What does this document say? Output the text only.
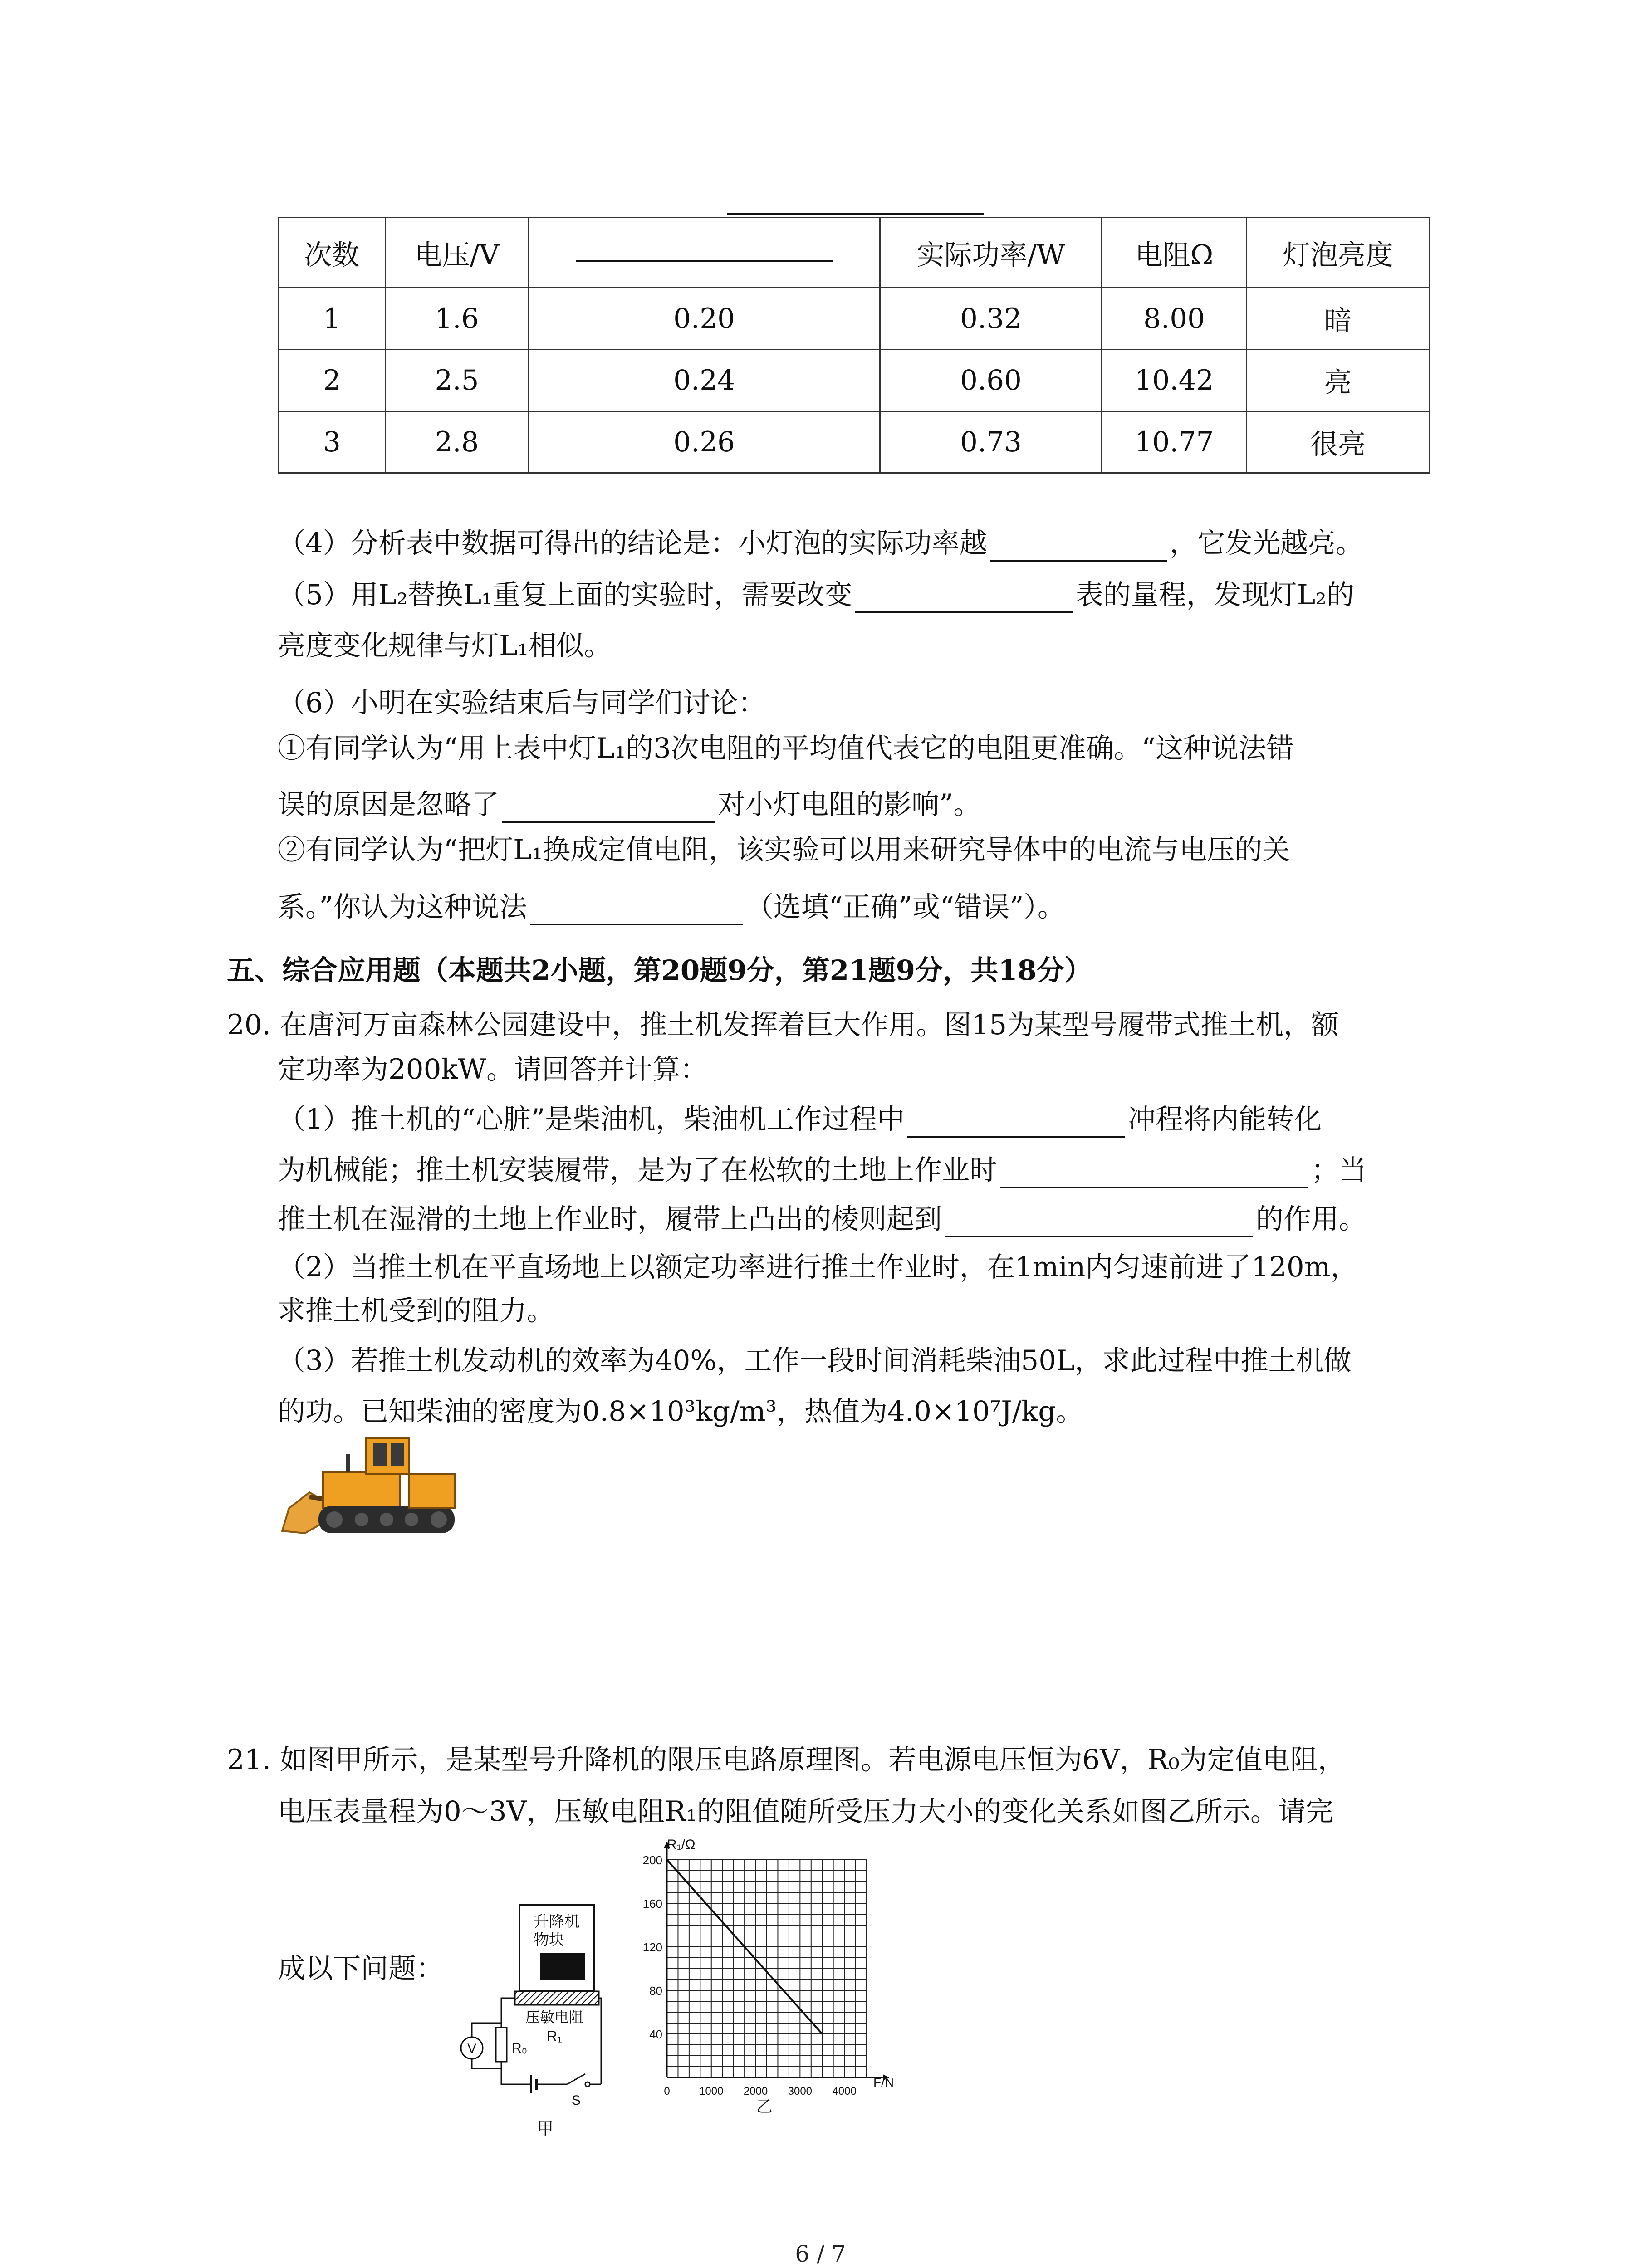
次数	电压/V		实际功率/W	电阻Ω	灯泡亮度
1	1.6	0.20	0.32	8.00	暗
2	2.5	0.24	0.60	10.42	亮
3	2.8	0.26	0.73	10.77	很亮
（4）分析表中数据可得出的结论是：小灯泡的实际功率越	，它发光越亮。
（5）用L₂替换L₁重复上面的实验时，需要改变	表的量程，发现灯L₂的
亮度变化规律与灯L₁相似。
（6）小明在实验结束后与同学们讨论：
①有同学认为“用上表中灯L₁的3次电阻的平均值代表它的电阻更准确。“这种说法错
误的原因是忽略了	对小灯电阻的影响”。
②有同学认为“把灯L₁换成定值电阻，该实验可以用来研究导体中的电流与电压的关
系。”你认为这种说法	（选填“正确”或“错误”）。
五、综合应用题（本题共2小题，第20题9分，第21题9分，共18分）
20. 在唐河万亩森林公园建设中，推土机发挥着巨大作用。图15为某型号履带式推土机，额
定功率为200kW。请回答并计算：
（1）推土机的“心脏”是柴油机，柴油机工作过程中	冲程将内能转化
为机械能；推土机安装履带，是为了在松软的土地上作业时	；当
推土机在湿滑的土地上作业时，履带上凸出的棱则起到	的作用。
（2）当推土机在平直场地上以额定功率进行推土作业时，在1min内匀速前进了120m，
求推土机受到的阻力。
（3）若推土机发动机的效率为40%，工作一段时间消耗柴油50L，求此过程中推土机做
的功。已知柴油的密度为0.8×10³kg/m³，热值为4.0×10⁷J/kg。
21. 如图甲所示，是某型号升降机的限压电路原理图。若电源电压恒为6V，R₀为定值电阻，
电压表量程为0～3V，压敏电阻R₁的阻值随所受压力大小的变化关系如图乙所示。请完
成以下问题：
升降机
物块
压敏电阻
R₁
R₀
S
V
甲
40
80
120
160
200
0	1000 2000 3000 4000
R₁/Ω
F/N
乙
6 / 7
